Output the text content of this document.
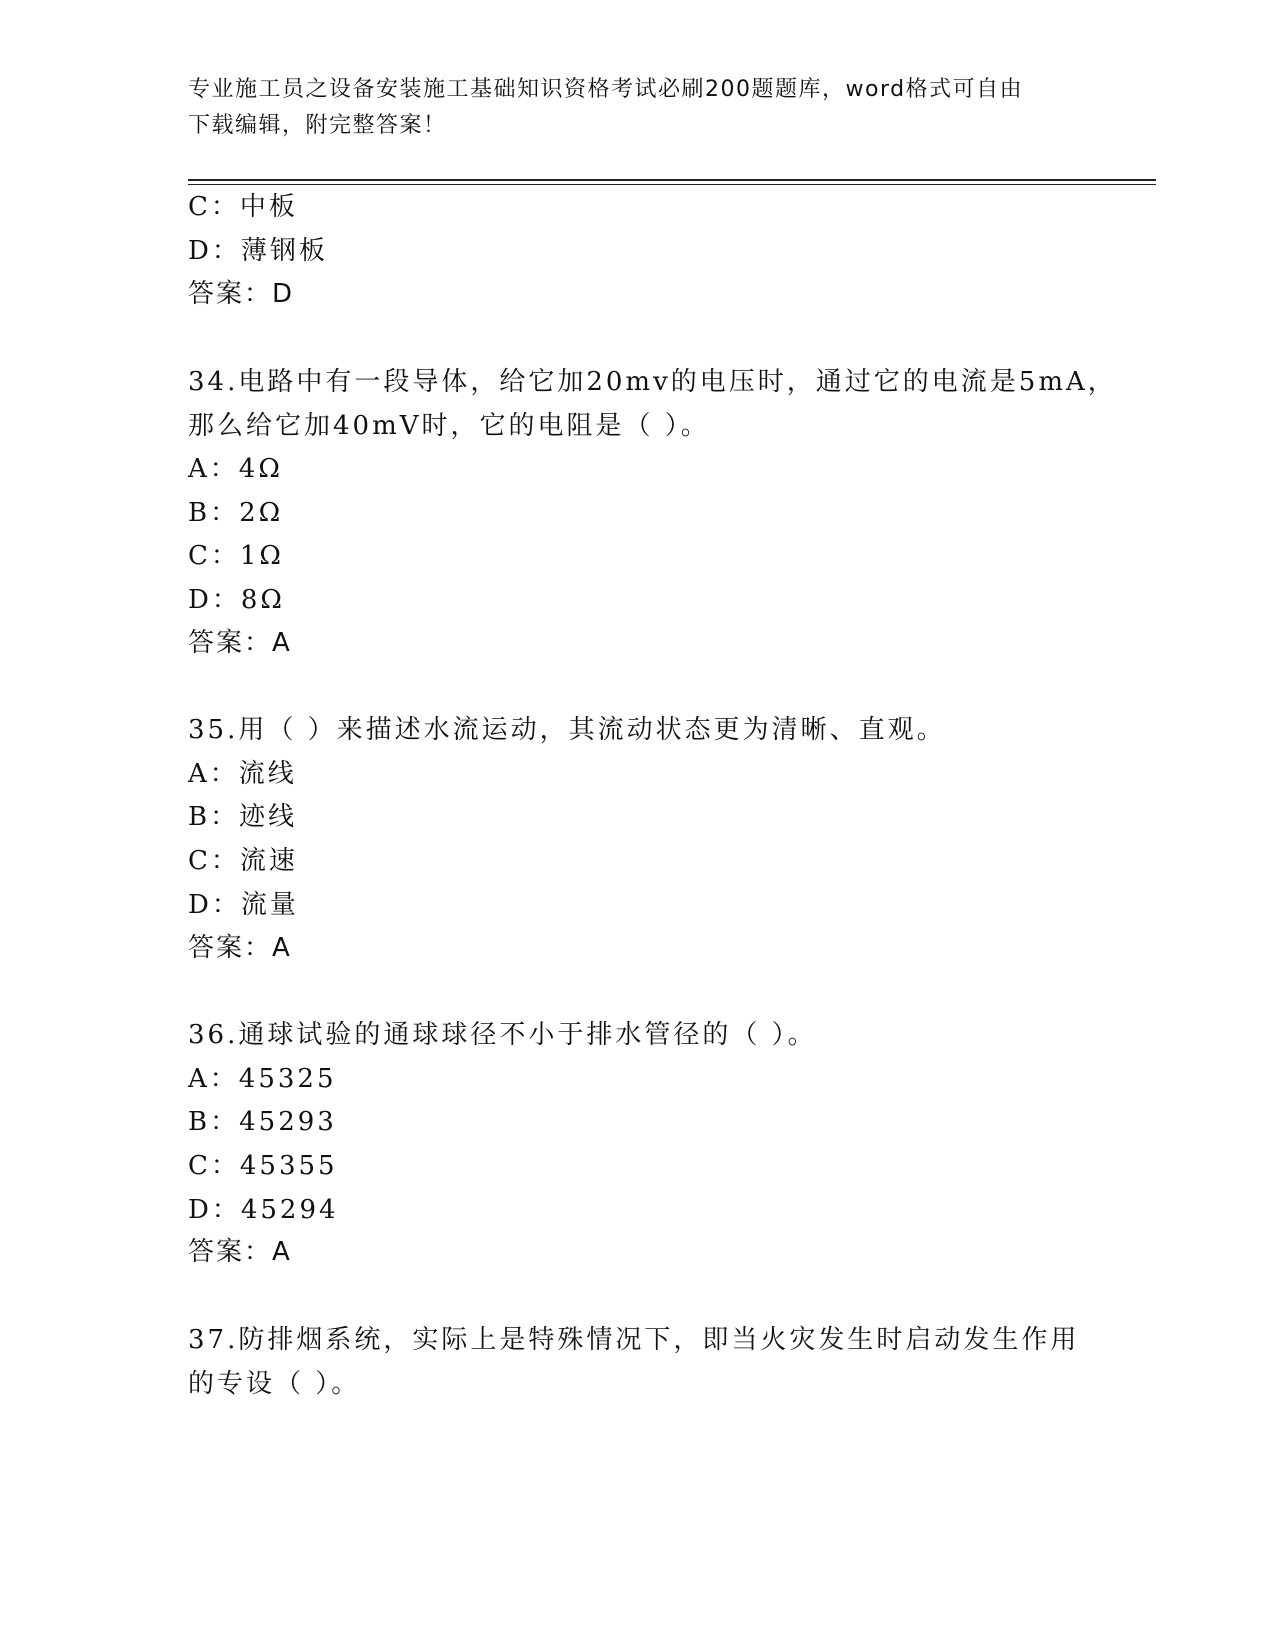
专业施工员之设备安装施工基础知识资格考试必刷200题题库，word格式可自由
下载编辑，附完整答案！
C：中板
D：薄钢板
答案：D
34.电路中有一段导体，给它加20mv的电压时，通过它的电流是5mA，
那么给它加40mV时，它的电阻是（ ）。
A：4Ω
B：2Ω
C：1Ω
D：8Ω
答案：A
35.用（ ）来描述水流运动，其流动状态更为清晰、直观。
A：流线
B：迹线
C：流速
D：流量
答案：A
36.通球试验的通球球径不小于排水管径的（ ）。
A：45325
B：45293
C：45355
D：45294
答案：A
37.防排烟系统，实际上是特殊情况下，即当火灾发生时启动发生作用
的专设（ ）。
